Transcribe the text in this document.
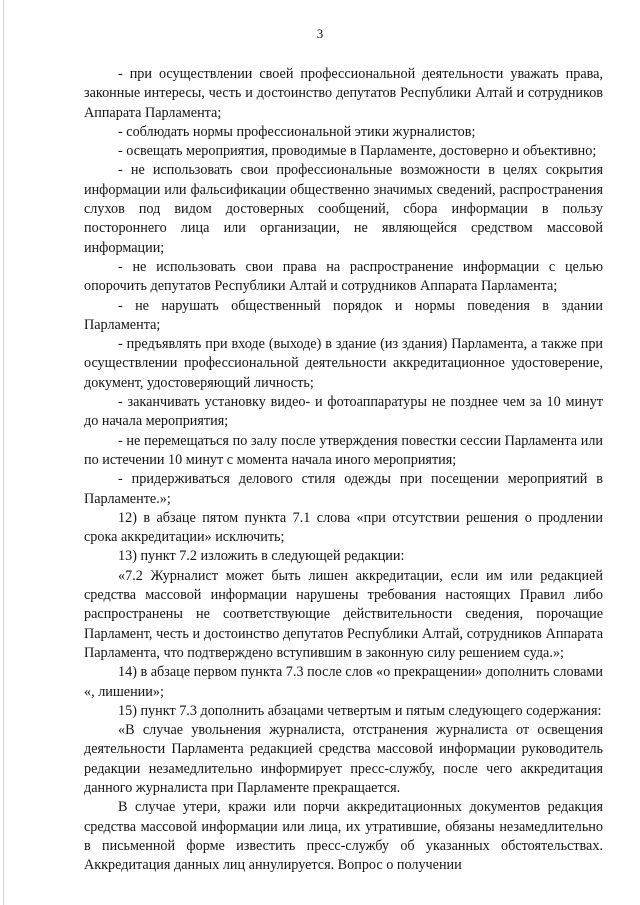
3

- при осуществлении своей профессиональной деятельности уважать права, законные интересы, честь и достоинство депутатов Республики Алтай и сотрудников Аппарата Парламента;

- соблюдать нормы профессиональной этики журналистов;

- освещать мероприятия, проводимые в Парламенте, достоверно и объективно;

- не использовать свои профессиональные возможности в целях сокрытия информации или фальсификации общественно значимых сведений, распространения слухов под видом достоверных сообщений, сбора информации в пользу постороннего лица или организации, не являющейся средством массовой информации;

- не использовать свои права на распространение информации с целью опорочить депутатов Республики Алтай и сотрудников Аппарата Парламента;

- не нарушать общественный порядок и нормы поведения в здании Парламента;

- предъявлять при входе (выходе) в здание (из здания) Парламента, а также при осуществлении профессиональной деятельности аккредитационное удостоверение, документ, удостоверяющий личность;

- заканчивать установку видео- и фотоаппаратуры не позднее чем за 10 минут до начала мероприятия;

- не перемещаться по залу после утверждения повестки сессии Парламента или по истечении 10 минут с момента начала иного мероприятия;

- придерживаться делового стиля одежды при посещении мероприятий в Парламенте.»;

12) в абзаце пятом пункта 7.1 слова «при отсутствии решения о продлении срока аккредитации» исключить;

13) пункт 7.2 изложить в следующей редакции:

«7.2 Журналист может быть лишен аккредитации, если им или редакцией средства массовой информации нарушены требования настоящих Правил либо распространены не соответствующие действительности сведения, порочащие Парламент, честь и достоинство депутатов Республики Алтай, сотрудников Аппарата Парламента, что подтверждено вступившим в законную силу решением суда.»;

14) в абзаце первом пункта 7.3 после слов «о прекращении» дополнить словами «, лишении»;

15) пункт 7.3 дополнить абзацами четвертым и пятым следующего содержания:

«В случае увольнения журналиста, отстранения журналиста от освещения деятельности Парламента редакцией средства массовой информации руководитель редакции незамедлительно информирует пресс-службу, после чего аккредитация данного журналиста при Парламенте прекращается.

В случае утери, кражи или порчи аккредитационных документов редакция средства массовой информации или лица, их утратившие, обязаны незамедлительно в письменной форме известить пресс-службу об указанных обстоятельствах. Аккредитация данных лиц аннулируется. Вопрос о получении
